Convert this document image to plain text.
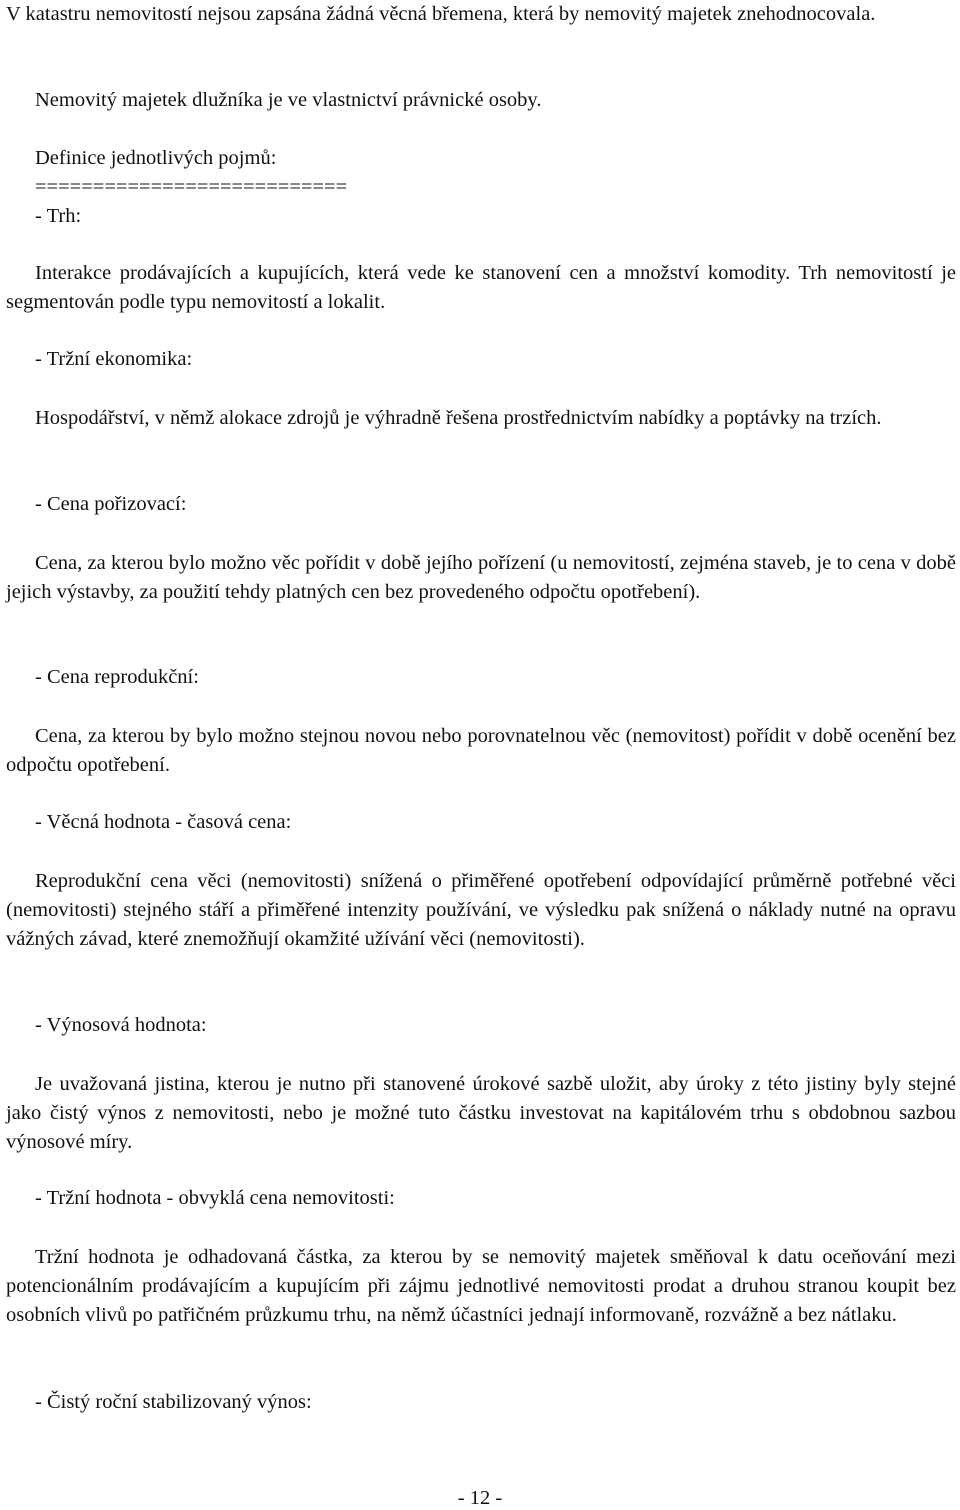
V katastru nemovitostí nejsou zapsána žádná věcná břemena, která by nemovitý majetek znehodnocovala.
Nemovitý majetek dlužníka je ve vlastnictví právnické osoby.
Definice jednotlivých pojmů:
===========================
- Trh:
Interakce prodávajících a kupujících, která vede ke stanovení cen a množství komodity. Trh nemovitostí je segmentován podle typu nemovitostí a lokalit.
- Tržní ekonomika:
Hospodářství, v němž alokace zdrojů je výhradně řešena prostřednictvím nabídky a poptávky na trzích.
- Cena pořizovací:
Cena, za kterou bylo možno věc pořídit v době jejího pořízení (u nemovitostí, zejména staveb, je to cena v době jejich výstavby, za použití tehdy platných cen bez provedeného odpočtu opotřebení).
- Cena reprodukční:
Cena, za kterou by bylo možno stejnou novou nebo porovnatelnou věc (nemovitost) pořídit v době ocenění bez odpočtu opotřebení.
- Věcná hodnota - časová cena:
Reprodukční cena věci (nemovitosti) snížená o přiměřené opotřebení odpovídající průměrně potřebné věci (nemovitosti) stejného stáří a přiměřené intenzity používání, ve výsledku pak snížená o náklady nutné na opravu vážných závad, které znemožňují okamžité užívání věci (nemovitosti).
- Výnosová hodnota:
Je uvažovaná jistina, kterou je nutno při stanovené úrokové sazbě uložit, aby úroky z této jistiny byly stejné jako čistý výnos z nemovitosti, nebo je možné tuto částku investovat na kapitálovém trhu s obdobnou sazbou výnosové míry.
- Tržní hodnota - obvyklá cena nemovitosti:
Tržní hodnota je odhadovaná částka, za kterou by se nemovitý majetek směňoval k datu oceňování mezi potencionálním prodávajícím a kupujícím při zájmu jednotlivé nemovitosti prodat a druhou stranou koupit bez osobních vlivů po patřičném průzkumu trhu, na němž účastníci jednají informovaně, rozvážně a bez nátlaku.
- Čistý roční stabilizovaný výnos:
- 12 -
